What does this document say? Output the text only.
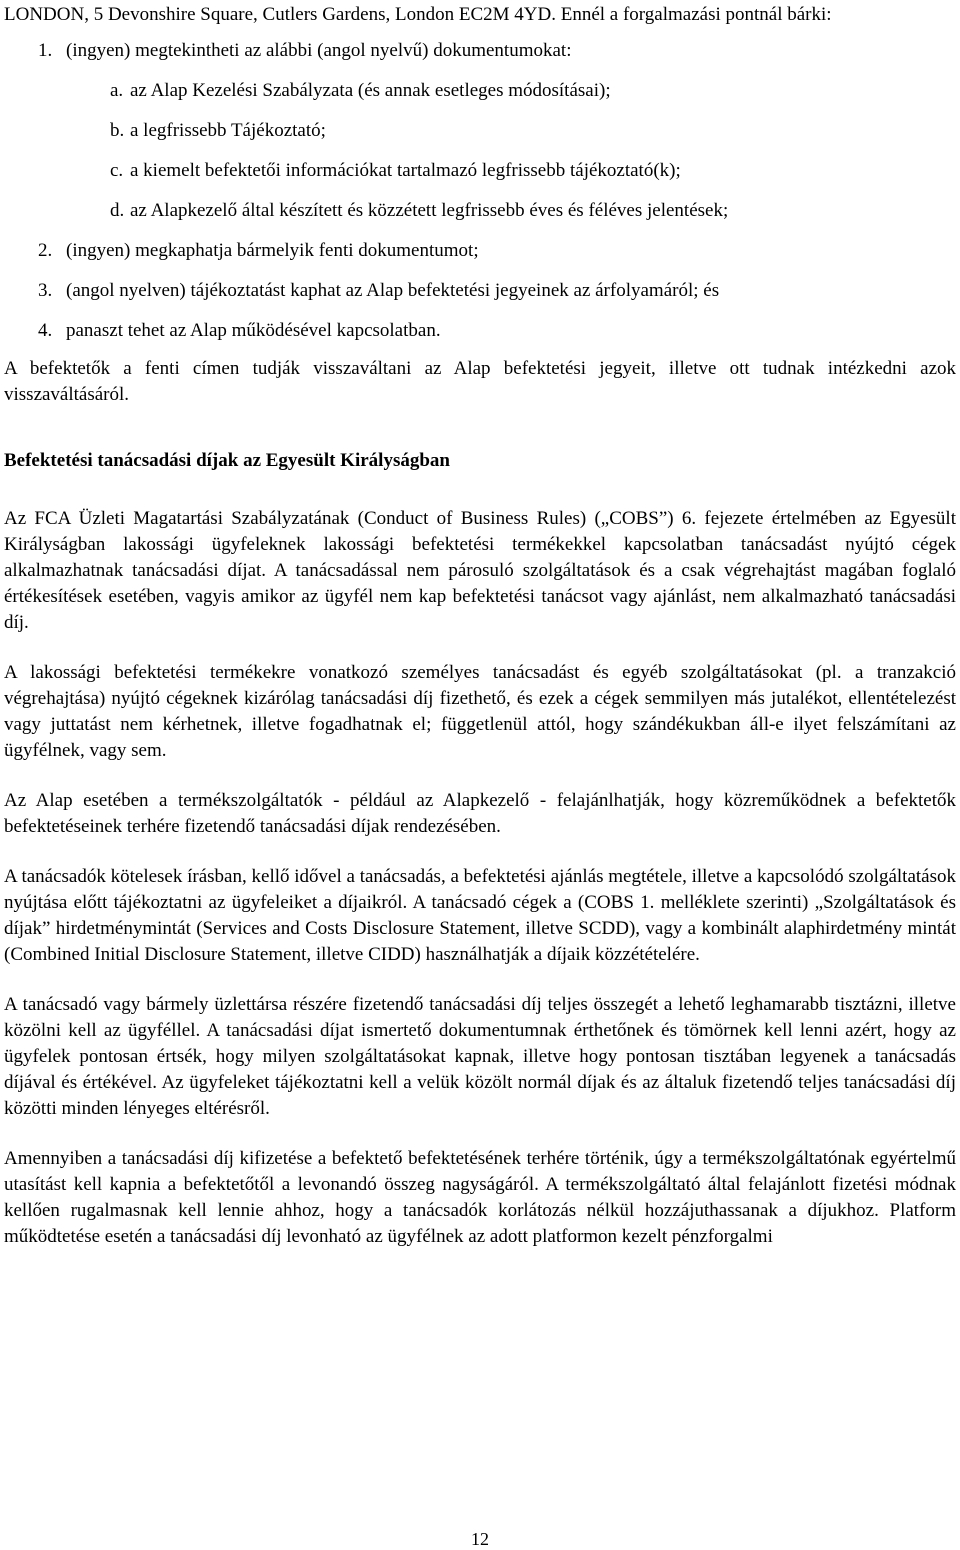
LONDON, 5 Devonshire Square, Cutlers Gardens, London EC2M 4YD. Ennél a forgalmazási pontnál bárki:

1. (ingyen) megtekintheti az alábbi (angol nyelvű) dokumentumokat:
a. az Alap Kezelési Szabályzata (és annak esetleges módosításai);
b. a legfrissebb Tájékoztató;
c. a kiemelt befektetői információkat tartalmazó legfrissebb tájékoztató(k);
d. az Alapkezelő által készített és közzétett legfrissebb éves és féléves jelentések;
2. (ingyen) megkaphatja bármelyik fenti dokumentumot;
3. (angol nyelven) tájékoztatást kaphat az Alap befektetési jegyeinek az árfolyamáról; és
4. panaszt tehet az Alap működésével kapcsolatban.

A befektetők a fenti címen tudják visszaváltani az Alap befektetési jegyeit, illetve ott tudnak intézkedni azok visszaváltásáról.

Befektetési tanácsadási díjak az Egyesült Királyságban

Az FCA Üzleti Magatartási Szabályzatának (Conduct of Business Rules) („COBS”) 6. fejezete értelmében az Egyesült Királyságban lakossági ügyfeleknek lakossági befektetési termékekkel kapcsolatban tanácsadást nyújtó cégek alkalmazhatnak tanácsadási díjat. A tanácsadással nem párosuló szolgáltatások és a csak végrehajtást magában foglaló értékesítések esetében, vagyis amikor az ügyfél nem kap befektetési tanácsot vagy ajánlást, nem alkalmazható tanácsadási díj.

A lakossági befektetési termékekre vonatkozó személyes tanácsadást és egyéb szolgáltatásokat (pl. a tranzakció végrehajtása) nyújtó cégeknek kizárólag tanácsadási díj fizethető, és ezek a cégek semmilyen más jutalékot, ellentételezést vagy juttatást nem kérhetnek, illetve fogadhatnak el; függetlenül attól, hogy szándékukban áll-e ilyet felszámítani az ügyfélnek, vagy sem.

Az Alap esetében a termékszolgáltatók - például az Alapkezelő - felajánlhatják, hogy közreműködnek a befektetők befektetéseinek terhére fizetendő tanácsadási díjak rendezésében.

A tanácsadók kötelesek írásban, kellő idővel a tanácsadás, a befektetési ajánlás megtétele, illetve a kapcsolódó szolgáltatások nyújtása előtt tájékoztatni az ügyfeleiket a díjaikról. A tanácsadó cégek a (COBS 1. melléklete szerinti) „Szolgáltatások és díjak” hirdetménymintát (Services and Costs Disclosure Statement, illetve SCDD), vagy a kombinált alaphirdetmény mintát (Combined Initial Disclosure Statement, illetve CIDD) használhatják a díjaik közzétételére.

A tanácsadó vagy bármely üzlettársa részére fizetendő tanácsadási díj teljes összegét a lehető leghamarabb tisztázni, illetve közölni kell az ügyféllel. A tanácsadási díjat ismertető dokumentumnak érthetőnek és tömörnek kell lenni azért, hogy az ügyfelek pontosan értsék, hogy milyen szolgáltatásokat kapnak, illetve hogy pontosan tisztában legyenek a tanácsadás díjával és értékével. Az ügyfeleket tájékoztatni kell a velük közölt normál díjak és az általuk fizetendő teljes tanácsadási díj közötti minden lényeges eltérésről.

Amennyiben a tanácsadási díj kifizetése a befektető befektetésének terhére történik, úgy a termékszolgáltatónak egyértelmű utasítást kell kapnia a befektetőtől a levonandó összeg nagyságáról. A termékszolgáltató által felajánlott fizetési módnak kellően rugalmasnak kell lennie ahhoz, hogy a tanácsadók korlátozás nélkül hozzájuthassanak a díjukhoz. Platform működtetése esetén a tanácsadási díj levonható az ügyfélnek az adott platformon kezelt pénzforgalmi

12
